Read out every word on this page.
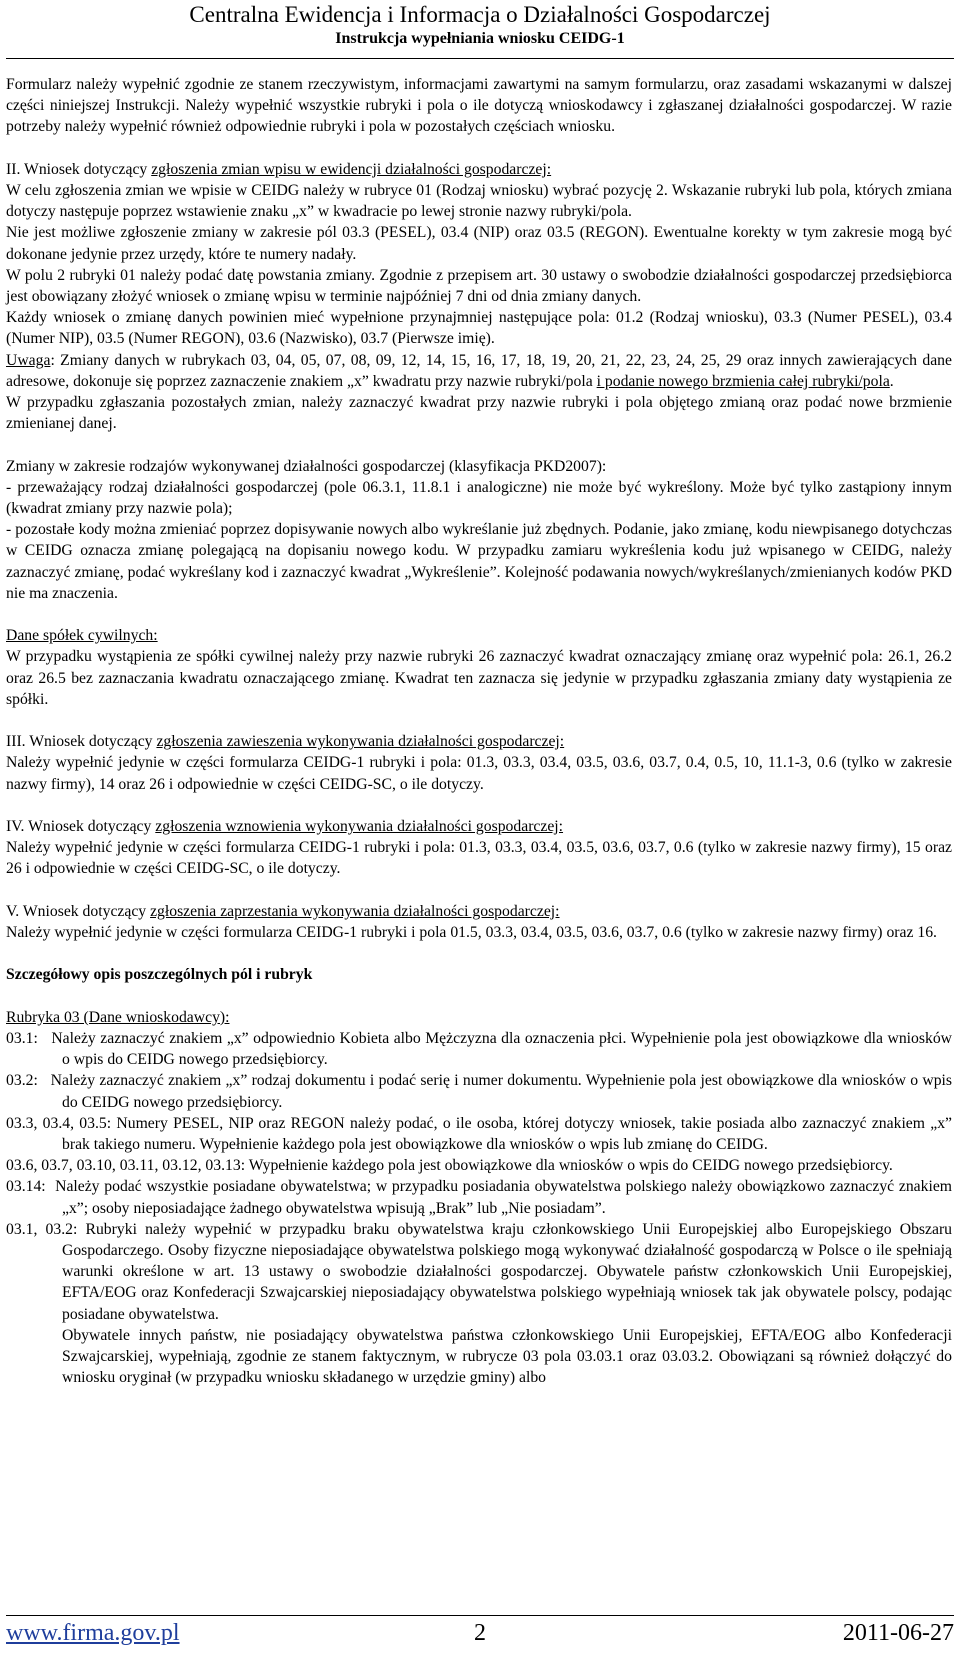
Centralna Ewidencja i Informacja o Działalności Gospodarczej
Instrukcja wypełniania wniosku CEIDG-1

Formularz należy wypełnić zgodnie ze stanem rzeczywistym, informacjami zawartymi na samym formularzu, oraz zasadami wskazanymi w dalszej części niniejszej Instrukcji. Należy wypełnić wszystkie rubryki i pola o ile dotyczą wnioskodawcy i zgłaszanej działalności gospodarczej. W razie potrzeby należy wypełnić również odpowiednie rubryki i pola w pozostałych częściach wniosku.

II. Wniosek dotyczący zgłoszenia zmian wpisu w ewidencji działalności gospodarczej:

W celu zgłoszenia zmian we wpisie w CEIDG należy w rubryce 01 (Rodzaj wniosku) wybrać pozycję 2. Wskazanie rubryki lub pola, których zmiana dotyczy następuje poprzez wstawienie znaku „x” w kwadracie po lewej stronie nazwy rubryki/pola.

Nie jest możliwe zgłoszenie zmiany w zakresie pól 03.3 (PESEL), 03.4 (NIP) oraz 03.5 (REGON). Ewentualne korekty w tym zakresie mogą być dokonane jedynie przez urzędy, które te numery nadały.

W polu 2 rubryki 01 należy podać datę powstania zmiany. Zgodnie z przepisem art. 30 ustawy o swobodzie działalności gospodarczej przedsiębiorca jest obowiązany złożyć wniosek o zmianę wpisu w terminie najpóźniej 7 dni od dnia zmiany danych.

Każdy wniosek o zmianę danych powinien mieć wypełnione przynajmniej następujące pola: 01.2 (Rodzaj wniosku), 03.3 (Numer PESEL), 03.4 (Numer NIP), 03.5 (Numer REGON), 03.6 (Nazwisko), 03.7 (Pierwsze imię).

Uwaga: Zmiany danych w rubrykach 03, 04, 05, 07, 08, 09, 12, 14, 15, 16, 17, 18, 19, 20, 21, 22, 23, 24, 25, 29 oraz innych zawierających dane adresowe, dokonuje się poprzez zaznaczenie znakiem „x” kwadratu przy nazwie rubryki/pola i podanie nowego brzmienia całej rubryki/pola.

W przypadku zgłaszania pozostałych zmian, należy zaznaczyć kwadrat przy nazwie rubryki i pola objętego zmianą oraz podać nowe brzmienie zmienianej danej.

Zmiany w zakresie rodzajów wykonywanej działalności gospodarczej (klasyfikacja PKD2007):

- przeważający rodzaj działalności gospodarczej (pole 06.3.1, 11.8.1 i analogiczne) nie może być wykreślony. Może być tylko zastąpiony innym (kwadrat zmiany przy nazwie pola);

- pozostałe kody można zmieniać poprzez dopisywanie nowych albo wykreślanie już zbędnych. Podanie, jako zmianę, kodu niewpisanego dotychczas w CEIDG oznacza zmianę polegającą na dopisaniu nowego kodu. W przypadku zamiaru wykreślenia kodu już wpisanego w CEIDG, należy zaznaczyć zmianę, podać wykreślany kod i zaznaczyć kwadrat „Wykreślenie”. Kolejność podawania nowych/wykreślanych/zmienianych kodów PKD nie ma znaczenia.

Dane spółek cywilnych:

W przypadku wystąpienia ze spółki cywilnej należy przy nazwie rubryki 26 zaznaczyć kwadrat oznaczający zmianę oraz wypełnić pola: 26.1, 26.2 oraz 26.5 bez zaznaczania kwadratu oznaczającego zmianę. Kwadrat ten zaznacza się jedynie w przypadku zgłaszania zmiany daty wystąpienia ze spółki.

III. Wniosek dotyczący zgłoszenia zawieszenia wykonywania działalności gospodarczej:

Należy wypełnić jedynie w części formularza CEIDG-1 rubryki i pola: 01.3, 03.3, 03.4, 03.5, 03.6, 03.7, 0.4, 0.5, 10, 11.1-3, 0.6 (tylko w zakresie nazwy firmy), 14 oraz 26 i odpowiednie w części CEIDG-SC, o ile dotyczy.

IV. Wniosek dotyczący zgłoszenia wznowienia wykonywania działalności gospodarczej:

Należy wypełnić jedynie w części formularza CEIDG-1 rubryki i pola: 01.3, 03.3, 03.4, 03.5, 03.6, 03.7, 0.6 (tylko w zakresie nazwy firmy), 15 oraz 26 i odpowiednie w części CEIDG-SC, o ile dotyczy.

V. Wniosek dotyczący zgłoszenia zaprzestania wykonywania działalności gospodarczej:

Należy wypełnić jedynie w części formularza CEIDG-1 rubryki i pola 01.5, 03.3, 03.4, 03.5, 03.6, 03.7, 0.6 (tylko w zakresie nazwy firmy) oraz 16.

Szczegółowy opis poszczególnych pól i rubryk

Rubryka 03 (Dane wnioskodawcy):

03.1: Należy zaznaczyć znakiem „x” odpowiednio Kobieta albo Mężczyzna dla oznaczenia płci. Wypełnienie pola jest obowiązkowe dla wniosków o wpis do CEIDG nowego przedsiębiorcy.

03.2: Należy zaznaczyć znakiem „x” rodzaj dokumentu i podać serię i numer dokumentu. Wypełnienie pola jest obowiązkowe dla wniosków o wpis do CEIDG nowego przedsiębiorcy.

03.3, 03.4, 03.5: Numery PESEL, NIP oraz REGON należy podać, o ile osoba, której dotyczy wniosek, takie posiada albo zaznaczyć znakiem „x” brak takiego numeru. Wypełnienie każdego pola jest obowiązkowe dla wniosków o wpis lub zmianę do CEIDG.

03.6, 03.7, 03.10, 03.11, 03.12, 03.13: Wypełnienie każdego pola jest obowiązkowe dla wniosków o wpis do CEIDG nowego przedsiębiorcy.

03.14: Należy podać wszystkie posiadane obywatelstwa; w przypadku posiadania obywatelstwa polskiego należy obowiązkowo zaznaczyć znakiem „x”; osoby nieposiadające żadnego obywatelstwa wpisują „Brak” lub „Nie posiadam”.

03.1, 03.2: Rubryki należy wypełnić w przypadku braku obywatelstwa kraju członkowskiego Unii Europejskiej albo Europejskiego Obszaru Gospodarczego. Osoby fizyczne nieposiadające obywatelstwa polskiego mogą wykonywać działalność gospodarczą w Polsce o ile spełniają warunki określone w art. 13 ustawy o swobodzie działalności gospodarczej. Obywatele państw członkowskich Unii Europejskiej, EFTA/EOG oraz Konfederacji Szwajcarskiej nieposiadający obywatelstwa polskiego wypełniają wniosek tak jak obywatele polscy, podając posiadane obywatelstwa.

Obywatele innych państw, nie posiadający obywatelstwa państwa członkowskiego Unii Europejskiej, EFTA/EOG albo Konfederacji Szwajcarskiej, wypełniają, zgodnie ze stanem faktycznym, w rubrycze 03 pola 03.03.1 oraz 03.03.2. Obowiązani są również dołączyć do wniosku oryginał (w przypadku wniosku składanego w urzędzie gminy) albo

www.firma.gov.pl	2	2011-06-27
